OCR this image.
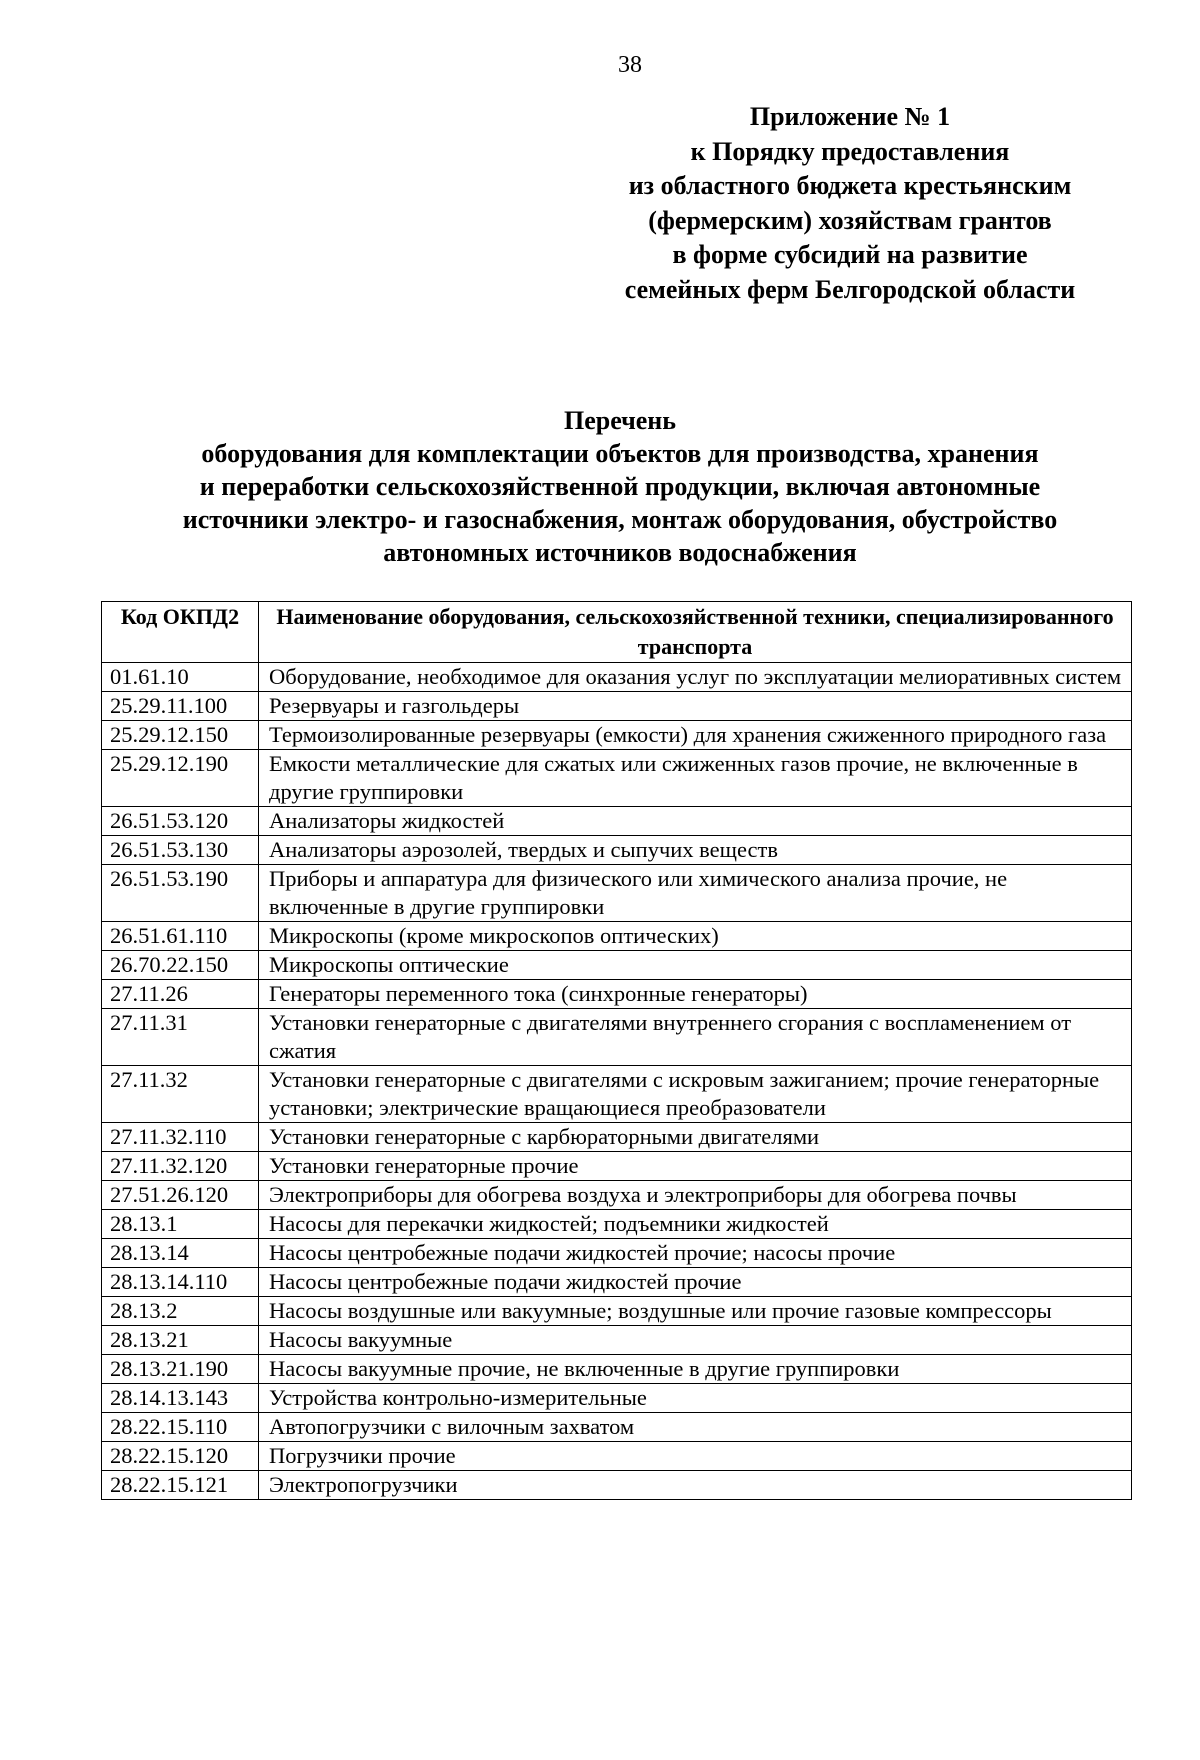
38
Приложение № 1
к Порядку предоставления
из областного бюджета крестьянским
(фермерским) хозяйствам грантов
в форме субсидий на развитие
семейных ферм Белгородской области
Перечень
оборудования для комплектации объектов для производства, хранения
и переработки сельскохозяйственной продукции, включая автономные
источники электро- и газоснабжения, монтаж оборудования, обустройство
автономных источников водоснабжения
Код ОКПД2	Наименование оборудования, сельскохозяйственной техники, специализированного транспорта
01.61.10	Оборудование, необходимое для оказания услуг по эксплуатации мелиоративных систем
25.29.11.100	Резервуары и газгольдеры
25.29.12.150	Термоизолированные резервуары (емкости) для хранения сжиженного природного газа
25.29.12.190	Емкости металлические для сжатых или сжиженных газов прочие, не включенные в другие группировки
26.51.53.120	Анализаторы жидкостей
26.51.53.130	Анализаторы аэрозолей, твердых и сыпучих веществ
26.51.53.190	Приборы и аппаратура для физического или химического анализа прочие, не включенные в другие группировки
26.51.61.110	Микроскопы (кроме микроскопов оптических)
26.70.22.150	Микроскопы оптические
27.11.26	Генераторы переменного тока (синхронные генераторы)
27.11.31	Установки генераторные с двигателями внутреннего сгорания с воспламенением от сжатия
27.11.32	Установки генераторные с двигателями с искровым зажиганием; прочие генераторные установки; электрические вращающиеся преобразователи
27.11.32.110	Установки генераторные с карбюраторными двигателями
27.11.32.120	Установки генераторные прочие
27.51.26.120	Электроприборы для обогрева воздуха и электроприборы для обогрева почвы
28.13.1	Насосы для перекачки жидкостей; подъемники жидкостей
28.13.14	Насосы центробежные подачи жидкостей прочие; насосы прочие
28.13.14.110	Насосы центробежные подачи жидкостей прочие
28.13.2	Насосы воздушные или вакуумные; воздушные или прочие газовые компрессоры
28.13.21	Насосы вакуумные
28.13.21.190	Насосы вакуумные прочие, не включенные в другие группировки
28.14.13.143	Устройства контрольно-измерительные
28.22.15.110	Автопогрузчики с вилочным захватом
28.22.15.120	Погрузчики прочие
28.22.15.121	Электропогрузчики
